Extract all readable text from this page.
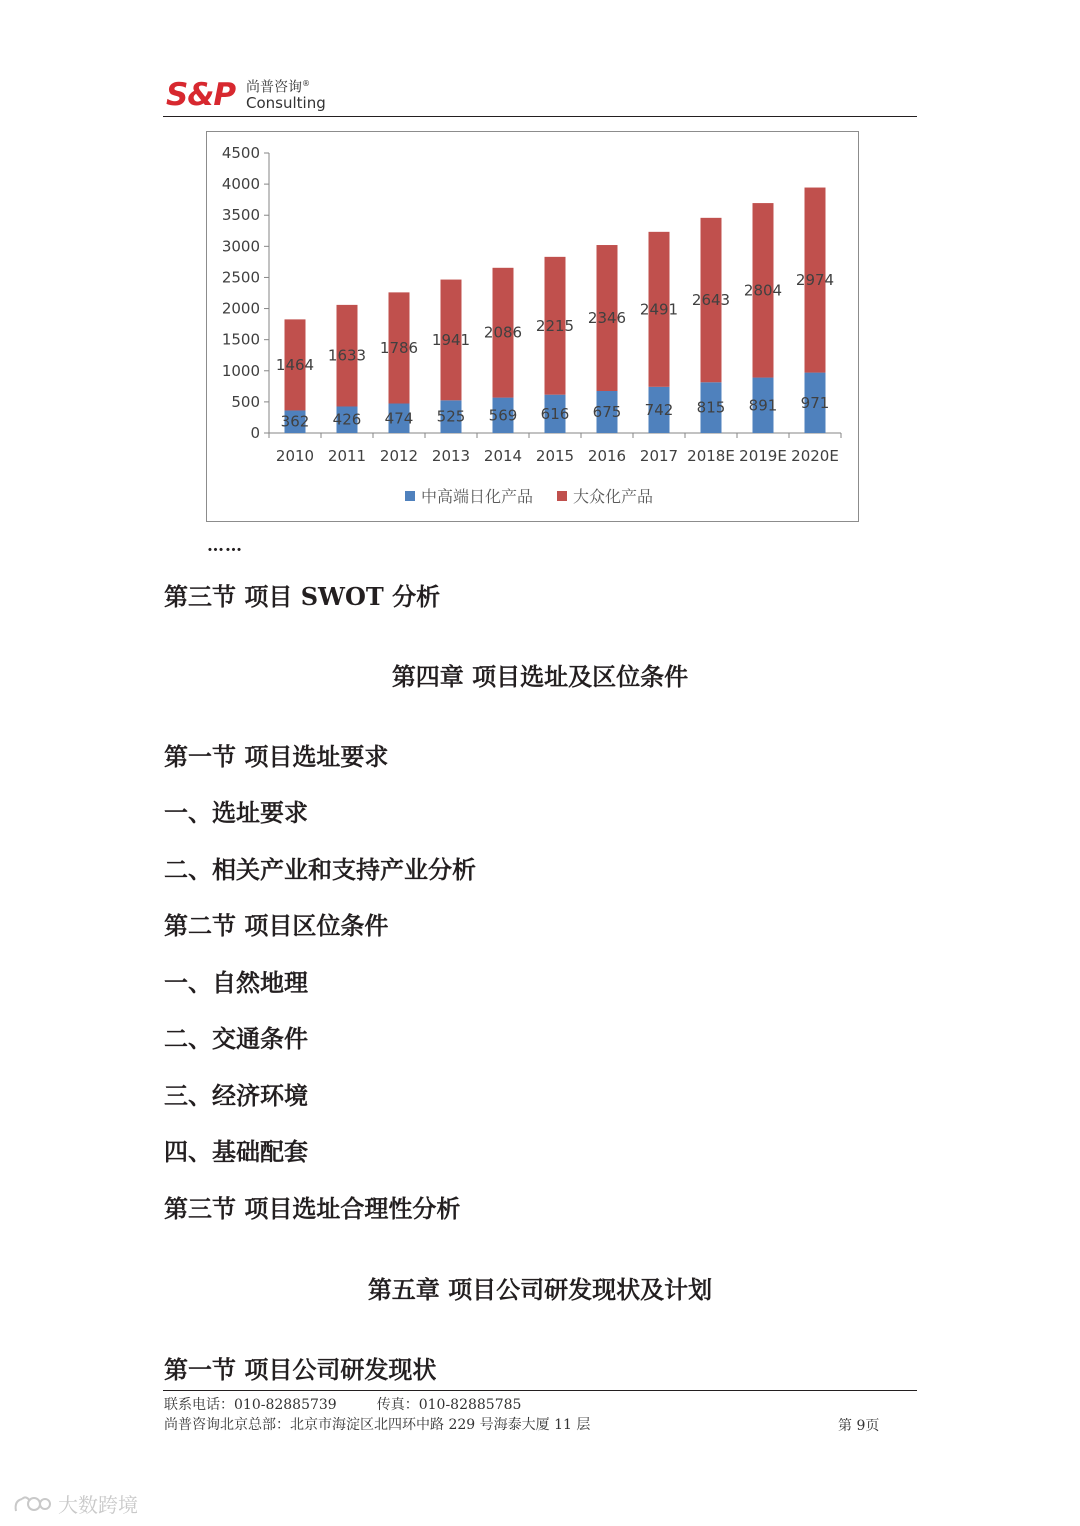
S&P 尚普咨询®
Consulting
0
500
1000
1500
2000
2500
3000
3500
4000
4500
362
1464
2010
426
1633
2011
474
1786
2012
525
1941
2013
569
2086
2014
616
2215
2015
675
2346
2016
742
2491
2017
815
2643
2018E
891
2804
2019E
971
2974
2020E
中高端日化产品 大众化产品
……
第三节 项目 SWOT 分析
第四章 项目选址及区位条件
第一节 项目选址要求
一、选址要求
二、相关产业和支持产业分析
第二节 项目区位条件
一、自然地理
二、交通条件
三、经济环境
四、基础配套
第三节 项目选址合理性分析
第五章 项目公司研发现状及计划
第一节 项目公司研发现状
联系电话：010-82885739	传真：010-82885785
尚普咨询北京总部：北京市海淀区北四环中路 229 号海泰大厦 11 层	第 9页
大数跨境
